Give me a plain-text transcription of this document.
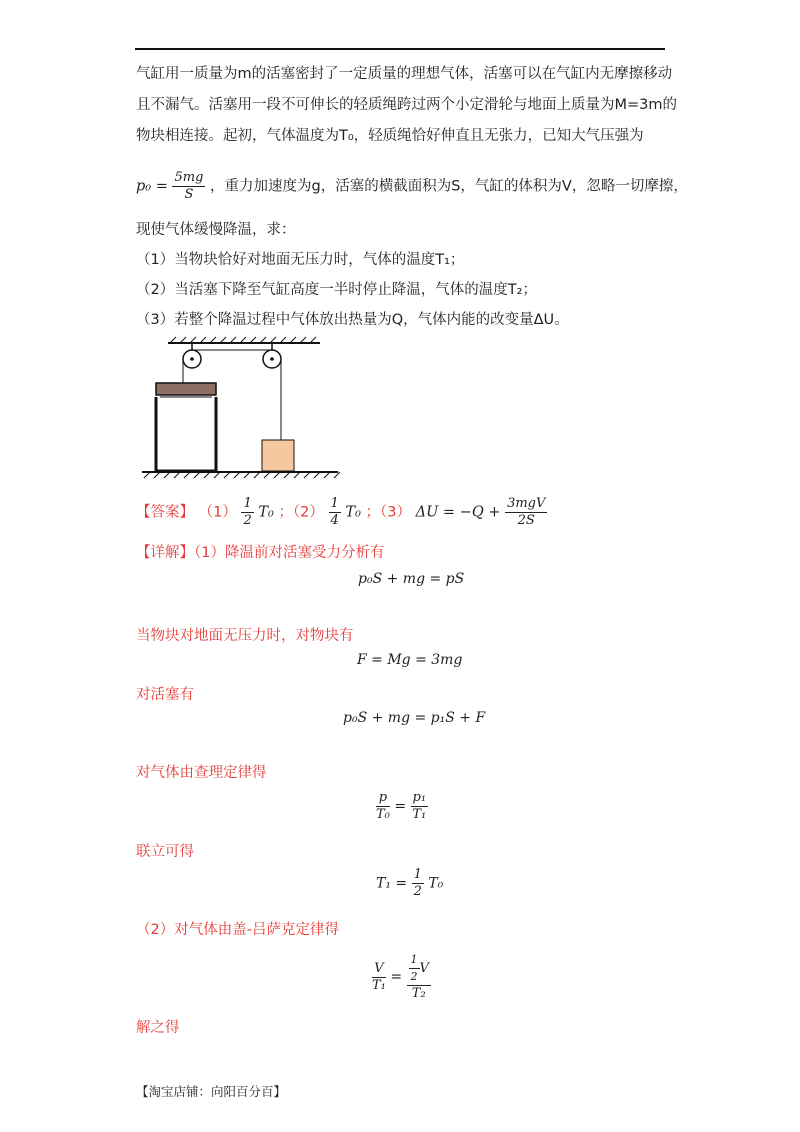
气缸用一质量为m的活塞密封了一定质量的理想气体，活塞可以在气缸内无摩擦移动
且不漏气。活塞用一段不可伸长的轻质绳跨过两个小定滑轮与地面上质量为M=3m的
物块相连接。起初，气体温度为T₀，轻质绳恰好伸直且无张力，已知大气压强为
$p_0 = \frac{5mg}{S}$ ，重力加速度为g，活塞的横截面积为S，气缸的体积为V，忽略一切摩擦，
现使气体缓慢降温，求：
（1）当物块恰好对地面无压力时，气体的温度T₁；
（2）当活塞下降至气缸高度一半时停止降温，气体的温度T₂；
（3）若整个降温过程中气体放出热量为Q，气体内能的改变量ΔU。
【答案】 $(1) \frac{1}{2} T_0$ ；$(2) \frac{1}{4} T_0$ ；（3） $\Delta U = -Q + \frac{\text{3mgV}}{2S}$
【详解】（1）降温前对活塞受力分析有
p₀S + mg = pS
当物块对地面无压力时，对物块有
F = Mg = 3mg
对活塞有
p₀S + mg = p₁S + F
对气体由查理定律得
$\frac{p}{\text{T₀}} = \frac{\text{p₁}}{\text{T₁}}$
联立可得
$T_1 = \frac{1}{2} T_0$
（2）对气体由盖-吕萨克定律得
$\frac{V}{\text{T₁}} = \frac{\frac{1}{2} V}{\text{T₂}}$
解之得
【淘宝店铺：向阳百分百】
